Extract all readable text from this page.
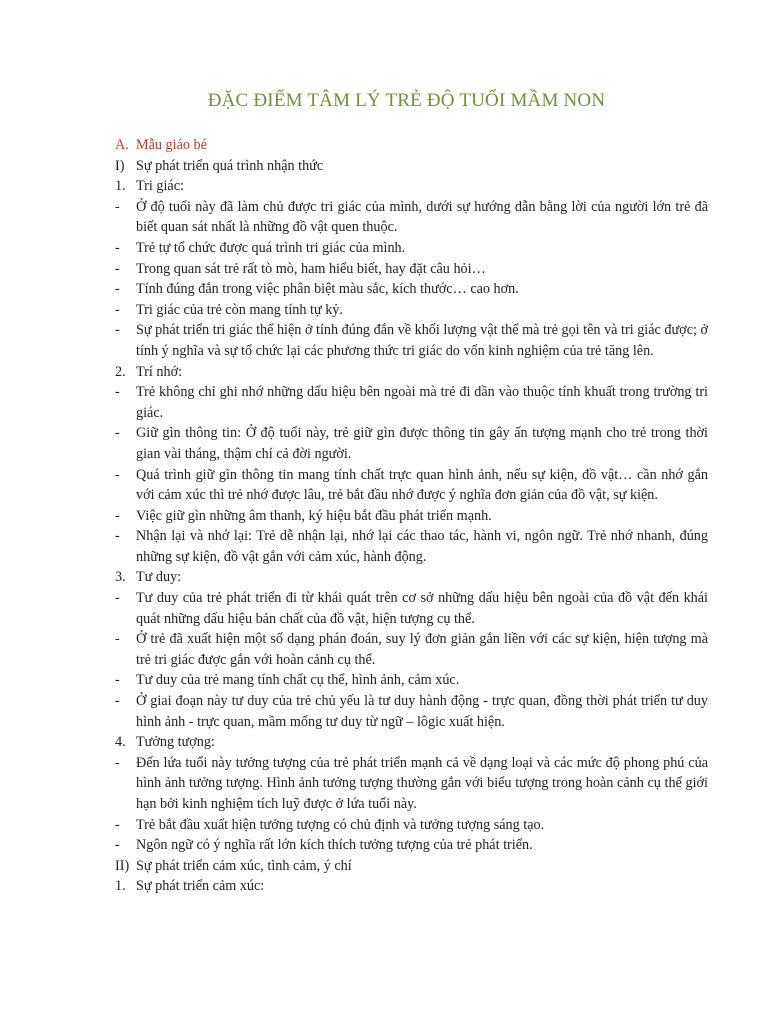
ĐẶC ĐIỂM TÂM LÝ TRẺ ĐỘ TUỔI MẦM NON
A. Mẫu giáo bé
I) Sự phát triển quá trình nhận thức
1. Tri giác:
- Ở độ tuổi này đã làm chủ được tri giác của mình, dưới sự hướng dẫn bằng lời của người lớn trẻ đã biết quan sát nhất là những đồ vật quen thuộc.
- Trẻ tự tổ chức được quá trình tri giác của mình.
- Trong quan sát trẻ rất tò mò, ham hiểu biết, hay đặt câu hỏi…
- Tính đúng đắn trong việc phân biệt màu sắc, kích thước… cao hơn.
- Tri giác của trẻ còn mang tính tự kỷ.
- Sự phát triển tri giác thể hiện ở tính đúng đắn về khối lượng vật thể mà trẻ gọi tên và tri giác được; ở tính ý nghĩa và sự tổ chức lại các phương thức tri giác do vốn kinh nghiệm của trẻ tăng lên.
2. Trí nhớ:
- Trẻ không chỉ ghi nhớ những dấu hiệu bên ngoài mà trẻ đi dần vào thuộc tính khuất trong trường tri giác.
- Giữ gìn thông tin: Ở độ tuổi này, trẻ giữ gìn được thông tin gây ấn tượng mạnh cho trẻ trong thời gian vài tháng, thậm chí cả đời người.
- Quá trình giữ gìn thông tin mang tính chất trực quan hình ảnh, nếu sự kiện, đồ vật… cần nhớ gắn với cảm xúc thì trẻ nhớ được lâu, trẻ bắt đầu nhớ được ý nghĩa đơn giản của đồ vật, sự kiện.
- Việc giữ gìn những âm thanh, ký hiệu bắt đầu phát triển mạnh.
- Nhận lại và nhớ lại: Trẻ dễ nhận lại, nhớ lại các thao tác, hành vi, ngôn ngữ. Trẻ nhớ nhanh, đúng những sự kiện, đồ vật gắn với cảm xúc, hành động.
3. Tư duy:
- Tư duy của trẻ phát triển đi từ khái quát trên cơ sở những dấu hiệu bên ngoài của đồ vật đến khái quát những dấu hiệu bản chất của đồ vật, hiện tượng cụ thể.
- Ở trẻ đã xuất hiện một số dạng phán đoán, suy lý đơn giản gắn liền với các sự kiện, hiện tượng mà trẻ tri giác được gắn với hoàn cảnh cụ thể.
- Tư duy của trẻ mang tính chất cụ thể, hình ảnh, cảm xúc.
- Ở giai đoạn này tư duy của trẻ chủ yếu là tư duy hành động - trực quan, đồng thời phát triển tư duy hình ảnh - trực quan, mầm mống tư duy từ ngữ – lôgic xuất hiện.
4. Tưởng tượng:
- Đến lứa tuổi này tưởng tượng của trẻ phát triển mạnh cả về dạng loại và các mức độ phong phú của hình ảnh tưởng tượng. Hình ảnh tưởng tượng thường gắn với biểu tượng trong hoàn cảnh cụ thể giới hạn bởi kinh nghiệm tích luỹ được ở lứa tuổi này.
- Trẻ bắt đầu xuất hiện tưởng tượng có chủ định và tưởng tượng sáng tạo.
- Ngôn ngữ có ý nghĩa rất lớn kích thích tưởng tượng của trẻ phát triển.
II) Sự phát triển cảm xúc, tình cảm, ý chí
1. Sự phát triển cảm xúc:
